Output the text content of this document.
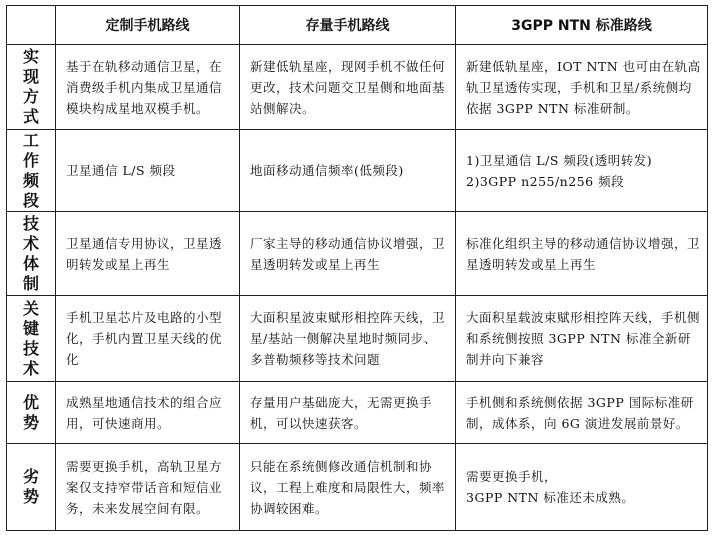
	定制手机路线	存量手机路线	3GPP NTN 标准路线
实现方式	基于在轨移动通信卫星，在消费级手机内集成卫星通信模块构成星地双模手机。	新建低轨星座，现网手机不做任何更改，技术问题交卫星侧和地面基站侧解决。	新建低轨星座，IOT NTN 也可由在轨高轨卫星透传实现，手机和卫星/系统侧均依据 3GPP NTN 标准研制。

工作频段	卫星通信 L/S 频段	地面移动通信频率(低频段)	1)卫星通信 L/S 频段(透明转发)
2)3GPP n255/n256 频段

技术体制	卫星通信专用协议，卫星透明转发或星上再生	厂家主导的移动通信协议增强，卫星透明转发或星上再生	标准化组织主导的移动通信协议增强，卫星透明转发或星上再生

关键技术	手机卫星芯片及电路的小型化，手机内置卫星天线的优化	大面积星波束赋形相控阵天线，卫星/基站一侧解决星地时频同步、多普勒频移等技术问题	大面积星载波束赋形相控阵天线，手机侧和系统侧按照 3GPP NTN 标准全新研制并向下兼容

优势	成熟星地通信技术的组合应用，可快速商用。	存量用户基础庞大，无需更换手机，可以快速获客。	手机侧和系统侧依据 3GPP 国际标准研制，成体系，向 6G 演进发展前景好。

劣势	需要更换手机，高轨卫星方案仅支持窄带话音和短信业务，未来发展空间有限。	只能在系统侧修改通信机制和协议，工程上难度和局限性大，频率协调较困难。	需要更换手机，
3GPP NTN 标准还未成熟。
